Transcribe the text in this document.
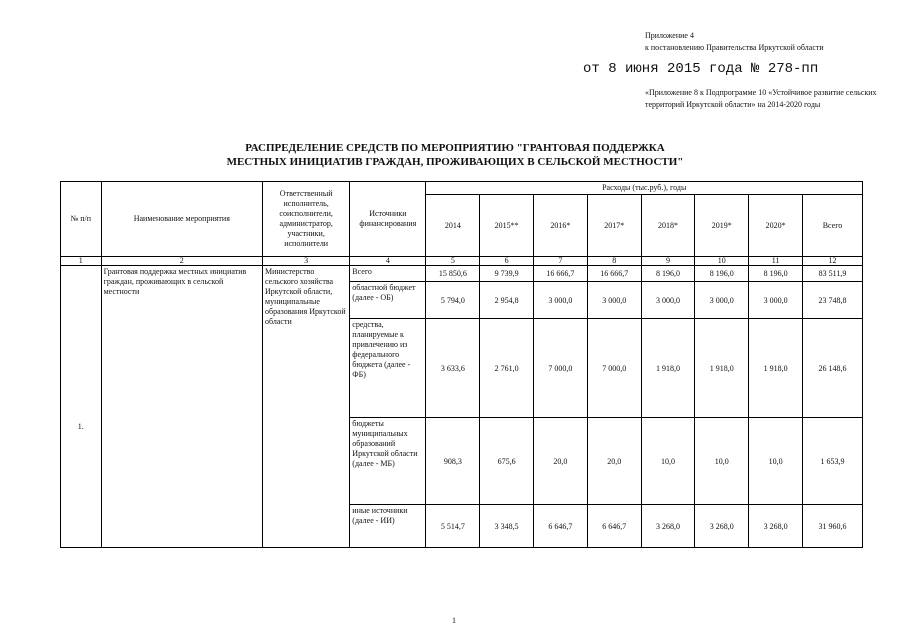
Приложение 4
к постановлению Правительства Иркутской области
от 8 июня 2015 года № 278-пп
«Приложение 8 к Подпрограмме 10 «Устойчивое развитие сельских территорий Иркутской области» на 2014-2020 годы
РАСПРЕДЕЛЕНИЕ СРЕДСТВ ПО МЕРОПРИЯТИЮ "ГРАНТОВАЯ ПОДДЕРЖКА
МЕСТНЫХ ИНИЦИАТИВ ГРАЖДАН, ПРОЖИВАЮЩИХ В СЕЛЬСКОЙ МЕСТНОСТИ"
№ п/п	Наименование мероприятия	Ответственный исполнитель, соисполнители, администратор, участники, исполнители	Источники финансирования	Расходы (тыс.руб.), годы							
				2014	2015**	2016*	2017*	2018*	2019*	2020*	Всего
1	2	3	4	5	6	7	8	9	10	11	12
1.	Грантовая поддержка местных инициатив граждан, проживающих в сельской местности	Министерство сельского хозяйства Иркутской области, муниципальные образования Иркутской области	Всего	15 850,6	9 739,9	16 666,7	16 666,7	8 196,0	8 196,0	8 196,0	83 511,9
			областной бюджет (далее - ОБ)	5 794,0	2 954,8	3 000,0	3 000,0	3 000,0	3 000,0	3 000,0	23 748,8
			средства, планируемые к привлечению из федерального бюджета (далее - ФБ)	3 633,6	2 761,0	7 000,0	7 000,0	1 918,0	1 918,0	1 918,0	26 148,6
			бюджеты муниципальных образований Иркутской области (далее - МБ)	908,3	675,6	20,0	20,0	10,0	10,0	10,0	1 653,9
			иные источники (далее - ИИ)	5 514,7	3 348,5	6 646,7	6 646,7	3 268,0	3 268,0	3 268,0	31 960,6
1
